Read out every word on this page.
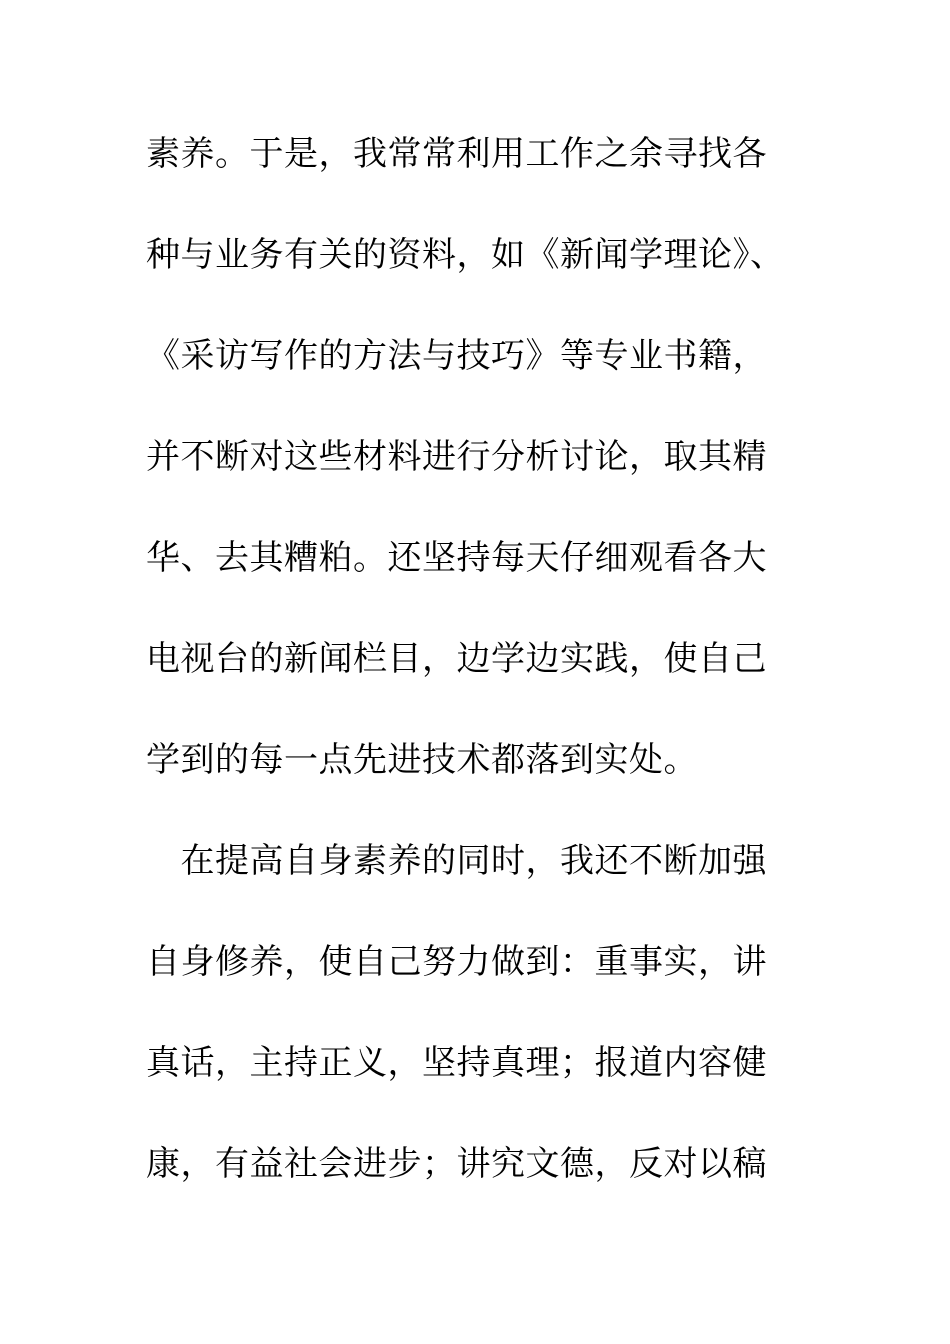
素养。于是，我常常利用工作之余寻找各
种与业务有关的资料，如《新闻学理论》、
《采访写作的方法与技巧》等专业书籍，
并不断对这些材料进行分析讨论，取其精
华、去其糟粕。还坚持每天仔细观看各大
电视台的新闻栏目，边学边实践，使自己
学到的每一点先进技术都落到实处。
　在提高自身素养的同时，我还不断加强
自身修养，使自己努力做到：重事实，讲
真话，主持正义，坚持真理；报道内容健
康，有益社会进步；讲究文德，反对以稿
